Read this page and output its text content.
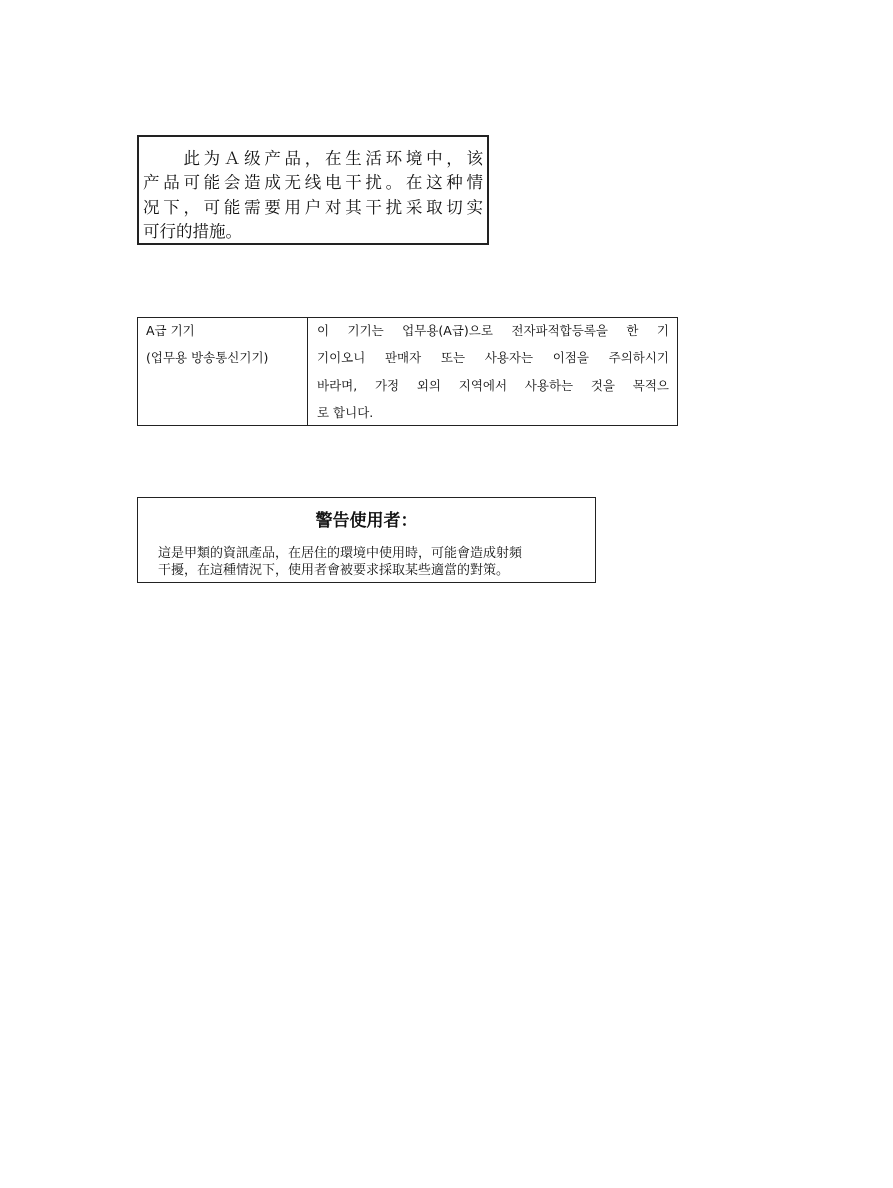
　　此为Ａ级产品，在生活环境中，该
产品可能会造成无线电干扰。在这种情
况下，可能需要用户对其干扰采取切实
可行的措施。
A급 기기
(업무용 방송통신기기)
이 기기는 업무용(A급)으로 전자파적합등록을 한 기
기이오니 판매자 또는 사용자는 이점을 주의하시기
바라며, 가정 외의 지역에서 사용하는 것을 목적으
로 합니다.
警告使用者：
這是甲類的資訊產品，在居住的環境中使用時，可能會造成射頻
干擾，在這種情況下，使用者會被要求採取某些適當的對策。
